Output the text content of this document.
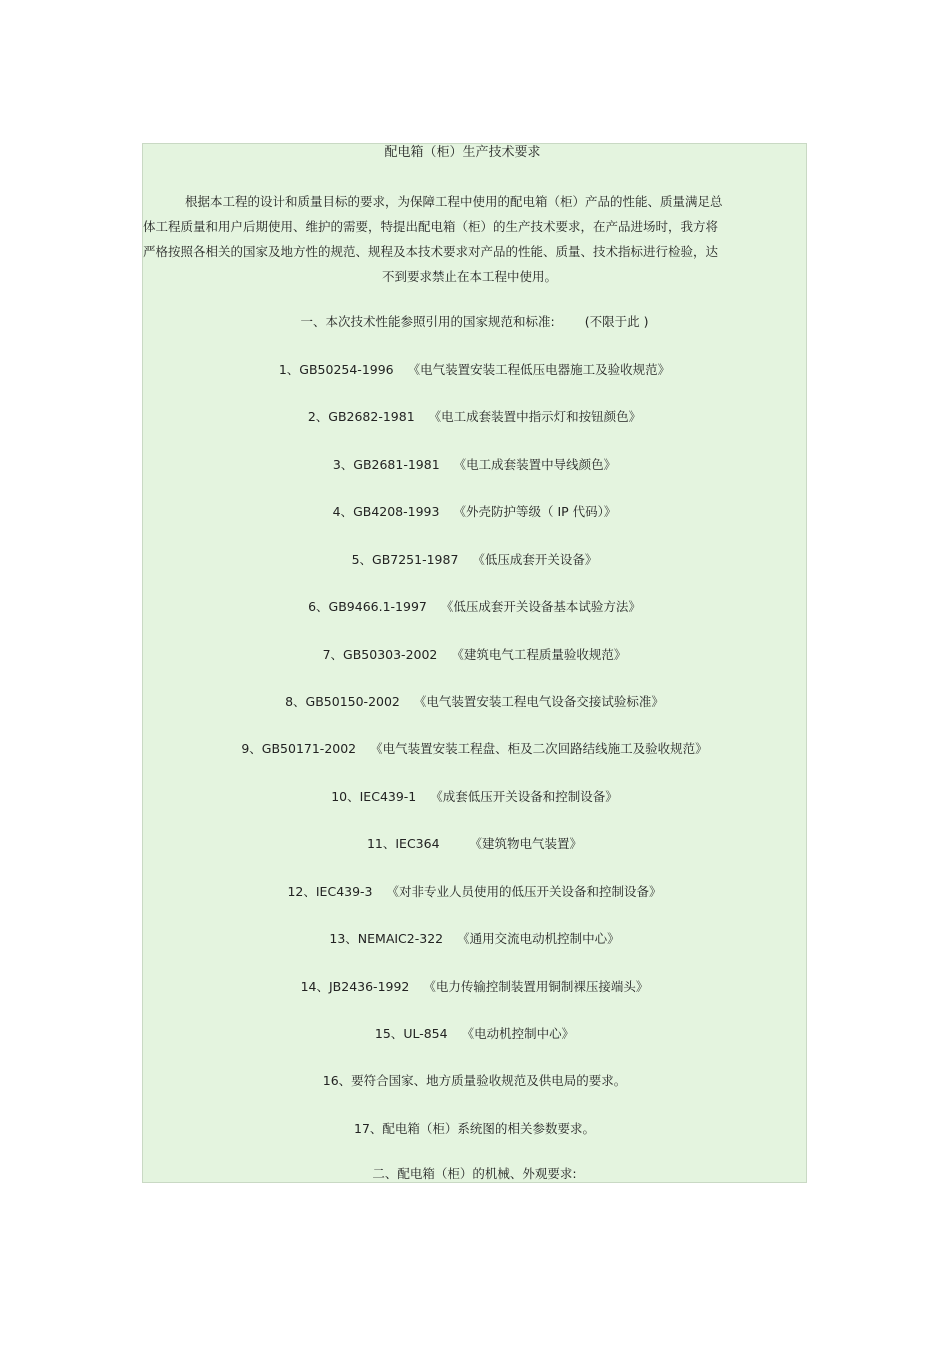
配电箱（柜）生产技术要求
根据本工程的设计和质量目标的要求，为保障工程中使用的配电箱（柜）产品的性能、质量满足总
体工程质量和用户后期使用、维护的需要，特提出配电箱（柜）的生产技术要求，在产品进场时，我方将
严格按照各相关的国家及地方性的规范、规程及本技术要求对产品的性能、质量、技术指标进行检验，达
不到要求禁止在本工程中使用。
一、本次技术性能参照引用的国家规范和标准: (不限于此 )
1、GB50254-1996 《电气装置安装工程低压电器施工及验收规范》
2、GB2682-1981 《电工成套装置中指示灯和按钮颜色》
3、GB2681-1981 《电工成套装置中导线颜色》
4、GB4208-1993 《外壳防护等级（ IP 代码）》
5、GB7251-1987 《低压成套开关设备》
6、GB9466.1-1997 《低压成套开关设备基本试验方法》
7、GB50303-2002 《建筑电气工程质量验收规范》
8、GB50150-2002 《电气装置安装工程电气设备交接试验标准》
9、GB50171-2002 《电气装置安装工程盘、柜及二次回路结线施工及验收规范》
10、IEC439-1 《成套低压开关设备和控制设备》
11、IEC364 《建筑物电气装置》
12、IEC439-3 《对非专业人员使用的低压开关设备和控制设备》
13、NEMAIC2-322 《通用交流电动机控制中心》
14、JB2436-1992 《电力传输控制装置用铜制裸压接端头》
15、UL-854 《电动机控制中心》
16、要符合国家、地方质量验收规范及供电局的要求。
17、配电箱（柜）系统图的相关参数要求。
二、配电箱（柜）的机械、外观要求:
